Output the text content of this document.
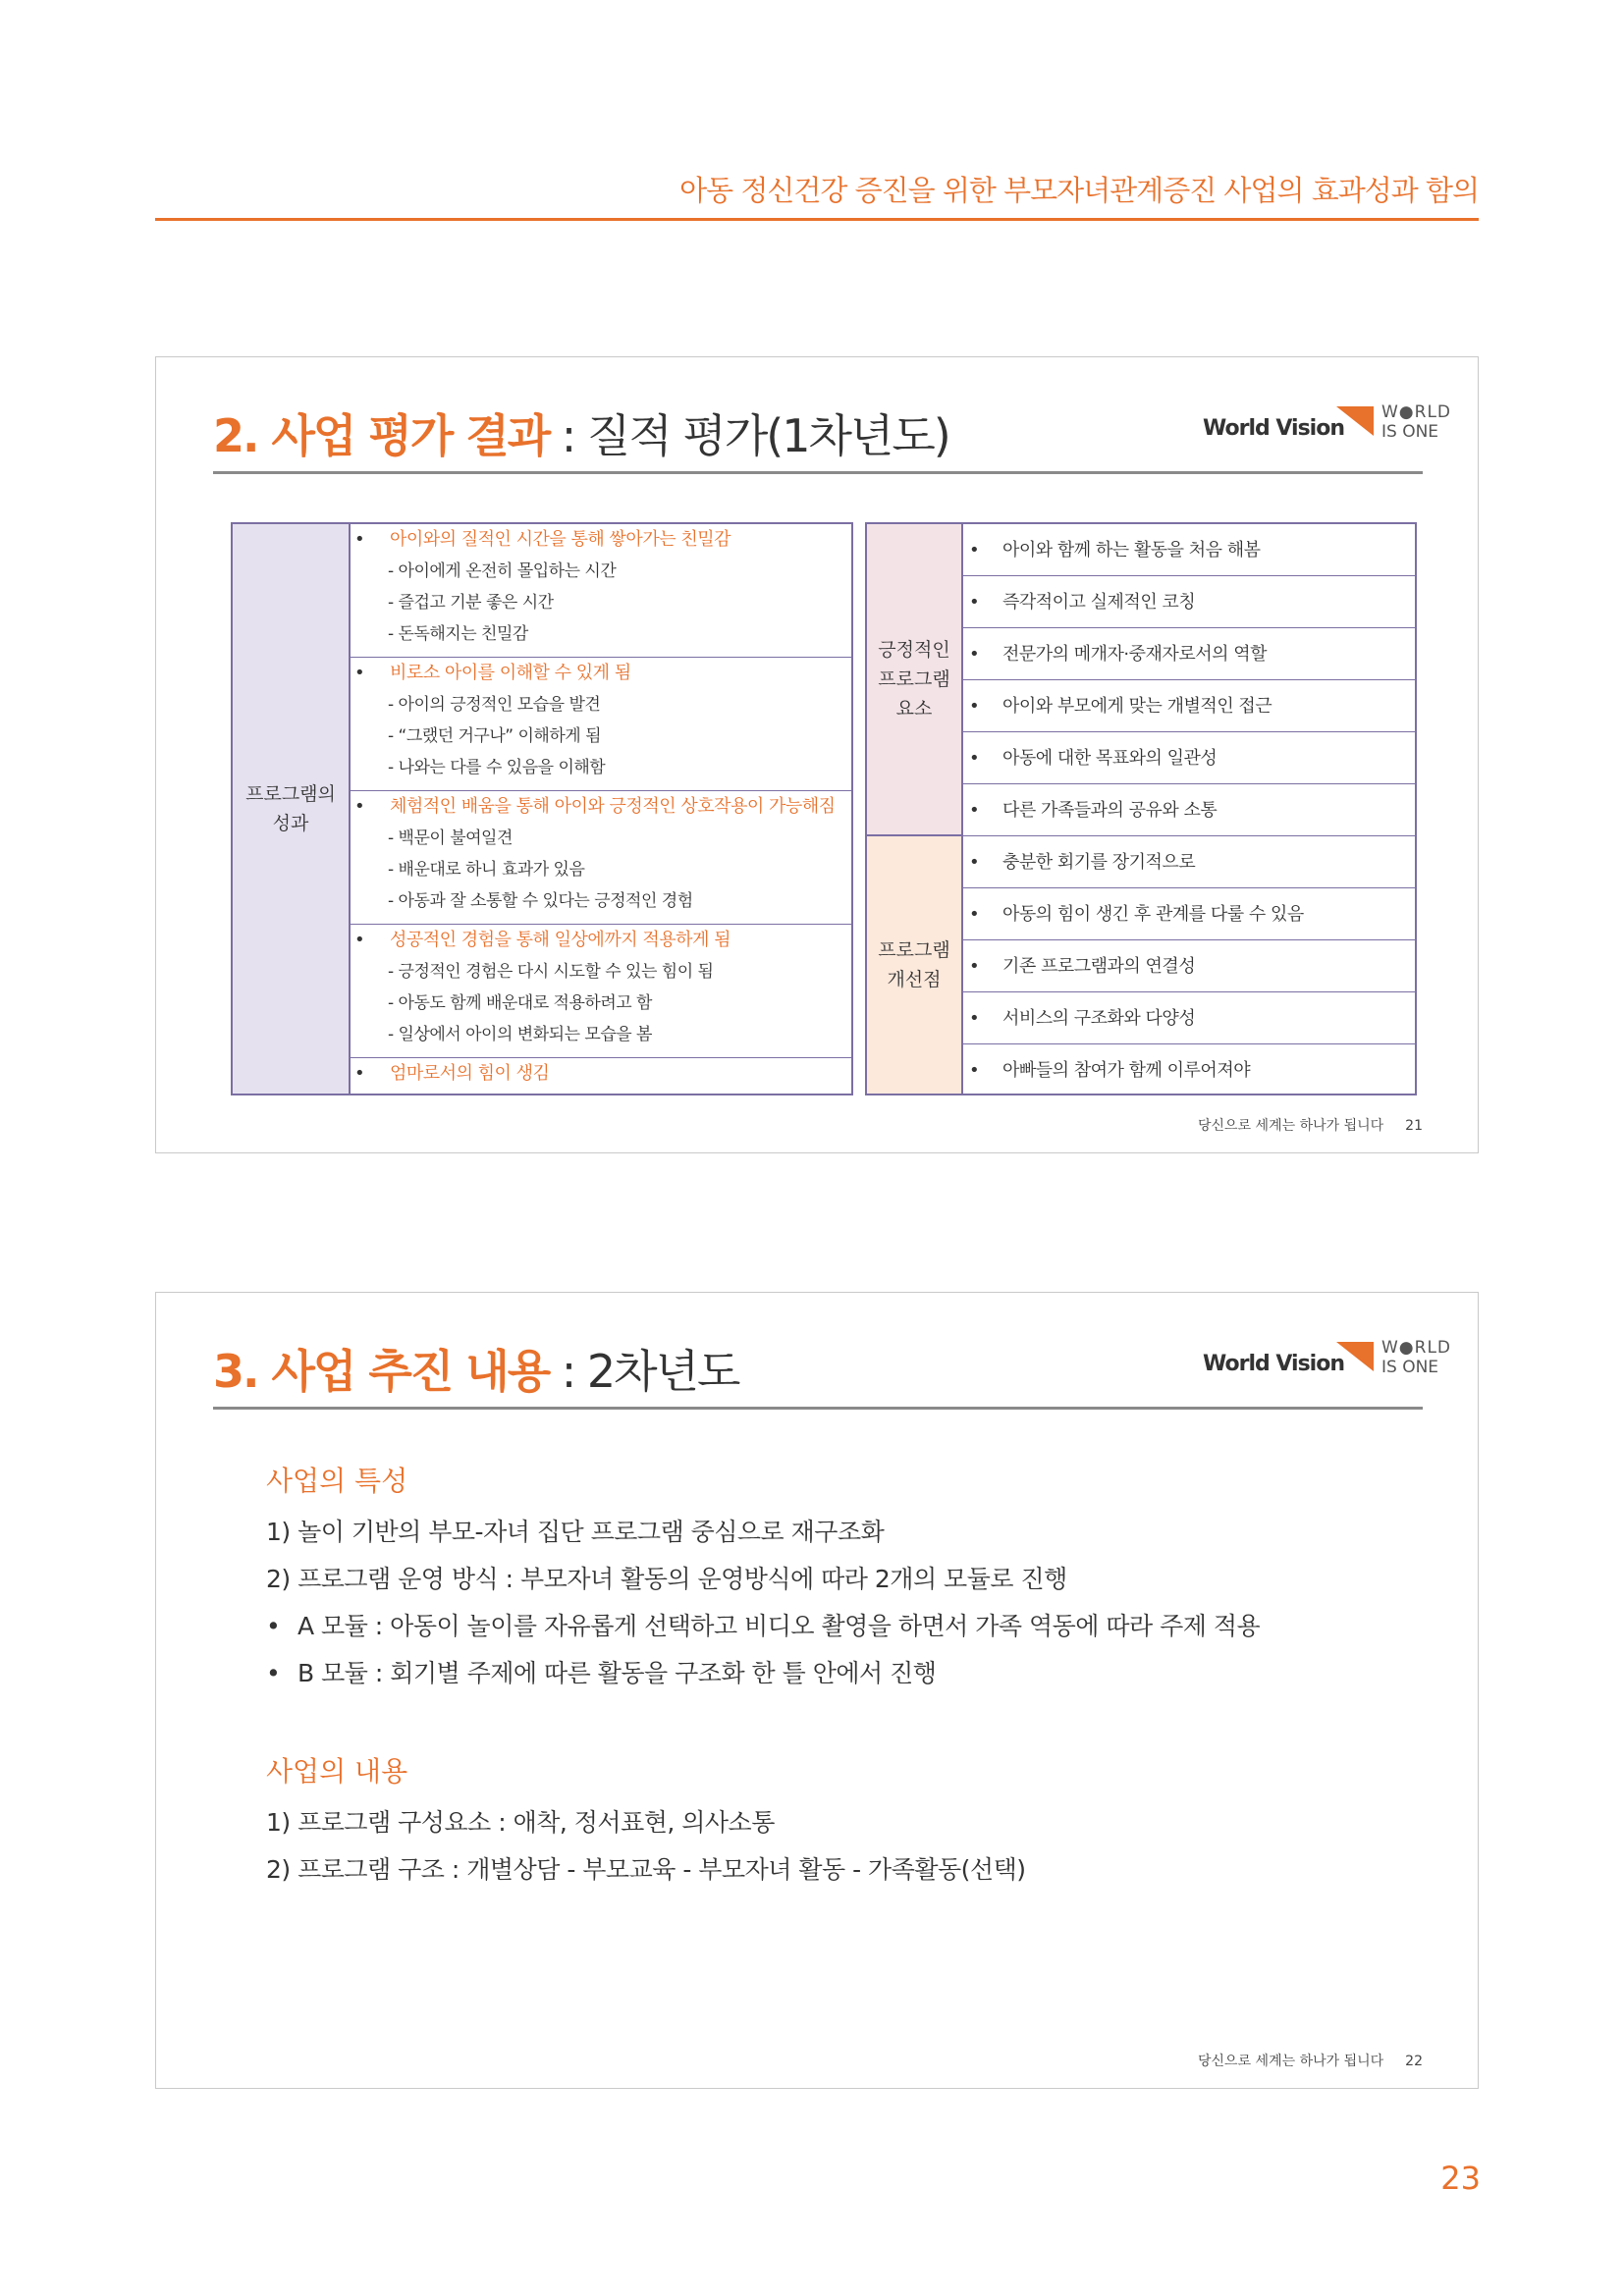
아동 정신건강 증진을 위한 부모자녀관계증진 사업의 효과성과 함의
2. 사업 평가 결과 : 질적 평가(1차년도)	World Vision
W●RLD
IS ONE
프로그램의
성과
• 아이와의 질적인 시간을 통해 쌓아가는 친밀감
- 아이에게 온전히 몰입하는 시간
- 즐겁고 기분 좋은 시간
- 돈독해지는 친밀감
• 비로소 아이를 이해할 수 있게 됨
- 아이의 긍정적인 모습을 발견
- “그랬던 거구나” 이해하게 됨
- 나와는 다를 수 있음을 이해함
• 체험적인 배움을 통해 아이와 긍정적인 상호작용이 가능해짐
- 백문이 불여일견
- 배운대로 하니 효과가 있음
- 아동과 잘 소통할 수 있다는 긍정적인 경험
• 성공적인 경험을 통해 일상에까지 적용하게 됨
- 긍정적인 경험은 다시 시도할 수 있는 힘이 됨
- 아동도 함께 배운대로 적용하려고 함
- 일상에서 아이의 변화되는 모습을 봄
• 엄마로서의 힘이 생김
긍정적인
프로그램
요소
프로그램
개선점
• 아이와 함께 하는 활동을 처음 해봄
• 즉각적이고 실제적인 코칭
• 전문가의 메개자·중재자로서의 역할
• 아이와 부모에게 맞는 개별적인 접근
• 아동에 대한 목표와의 일관성
• 다른 가족들과의 공유와 소통
• 충분한 회기를 장기적으로
• 아동의 힘이 생긴 후 관계를 다룰 수 있음
• 기존 프로그램과의 연결성
• 서비스의 구조화와 다양성
• 아빠들의 참여가 함께 이루어져야
당신으로 세계는 하나가 됩니다 21
3. 사업 추진 내용 : 2차년도	World Vision
W●RLD
IS ONE
사업의 특성
1) 놀이 기반의 부모-자녀 집단 프로그램 중심으로 재구조화
2) 프로그램 운영 방식 : 부모자녀 활동의 운영방식에 따라 2개의 모듈로 진행
• A 모듈 : 아동이 놀이를 자유롭게 선택하고 비디오 촬영을 하면서 가족 역동에 따라 주제 적용
• B 모듈 : 회기별 주제에 따른 활동을 구조화 한 틀 안에서 진행
사업의 내용
1) 프로그램 구성요소 : 애착, 정서표현, 의사소통
2) 프로그램 구조 : 개별상담 - 부모교육 - 부모자녀 활동 - 가족활동(선택)
당신으로 세계는 하나가 됩니다 22
23
